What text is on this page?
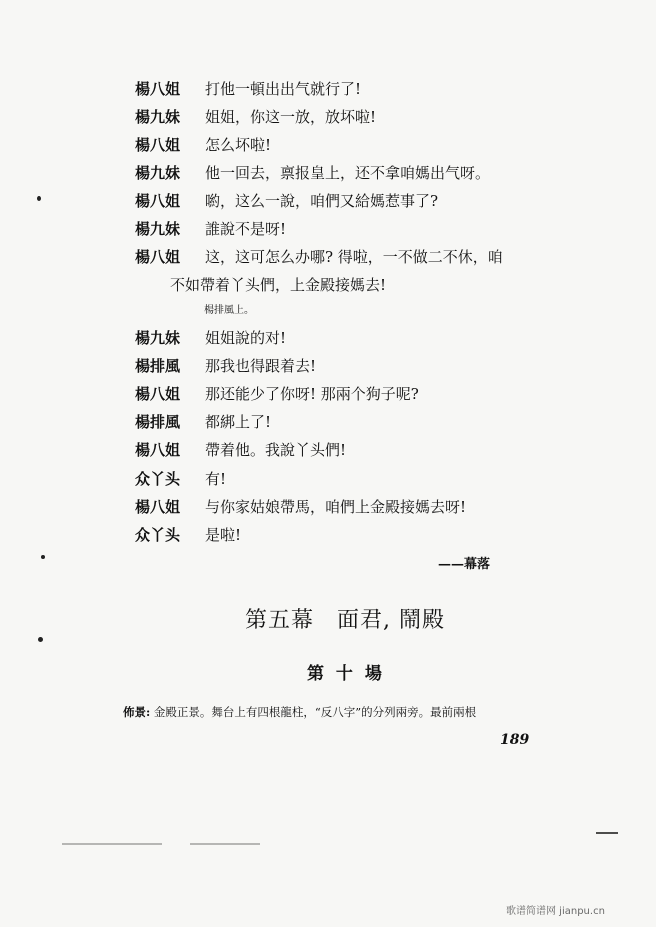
楊八姐 打他一頓出出气就行了!
楊九妹 姐姐，你这一放，放坏啦!
楊八姐 怎么坏啦!
楊九妹 他一回去，禀报皇上，还不拿咱媽出气呀。
楊八姐 喲，这么一說，咱們又給媽惹事了?
楊九妹 誰說不是呀!
楊八姐 这，这可怎么办哪? 得啦，一不做二不休，咱
不如帶着丫头們，上金殿接媽去!
楊排風上。
楊九妹 姐姐說的对!
楊排風 那我也得跟着去!
楊八姐 那还能少了你呀! 那兩个狗子呢?
楊排風 都綁上了!
楊八姐 帶着他。我說丫头們!
众丫头 有!
楊八姐 与你家姑娘帶馬，咱們上金殿接媽去呀!
众丫头 是啦!
——幕落
第五幕　面君, 鬧殿
第 十 場
佈景: 金殿正景。舞台上有四根龍柱，“反八字”的分列兩旁。最前兩根
189
歌谱简谱网 jianpu.cn
